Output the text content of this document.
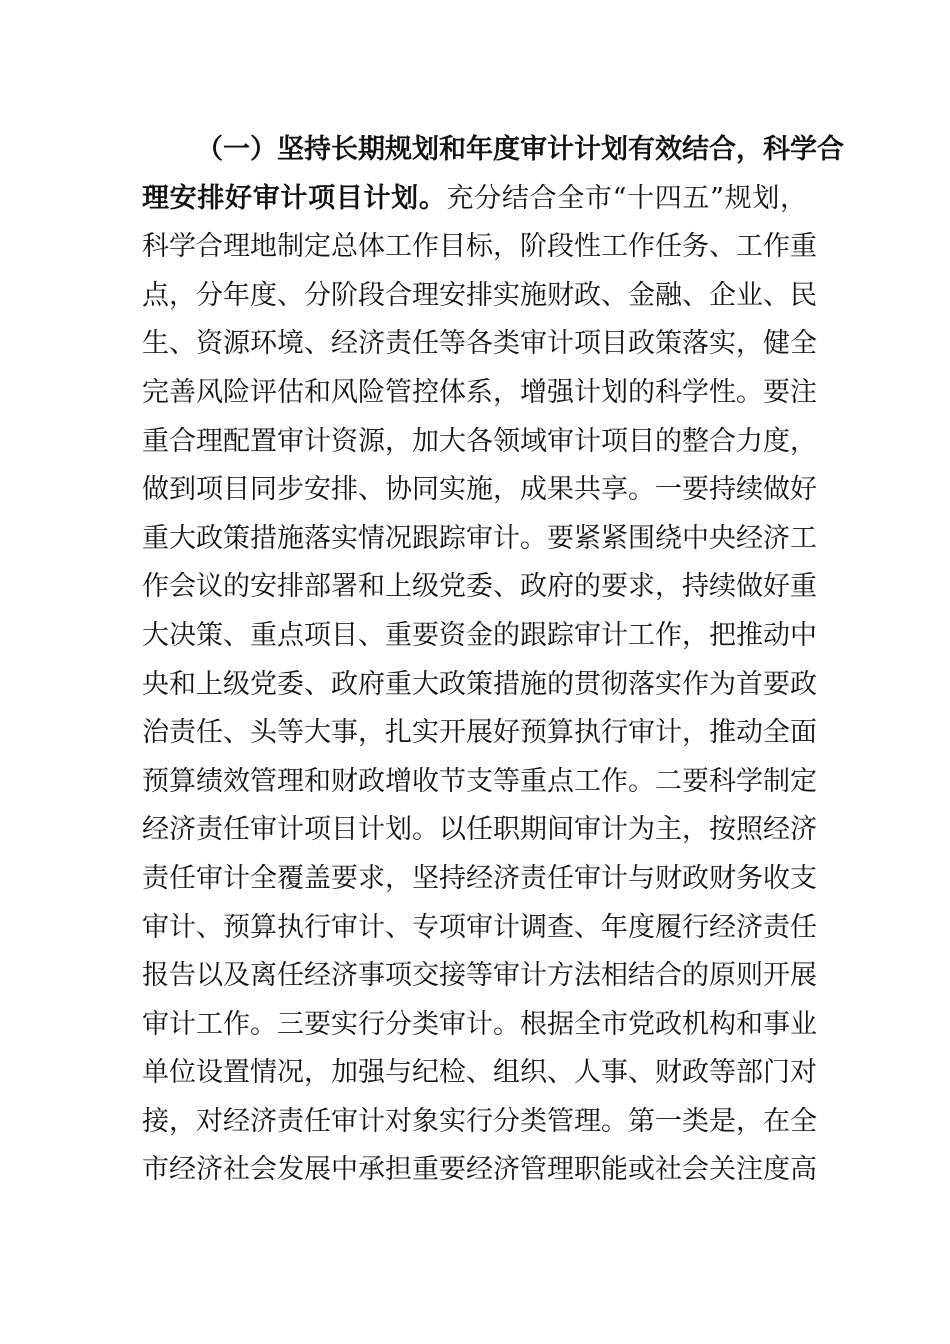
（一）坚持长期规划和年度审计计划有效结合，科学合
理安排好审计项目计划。充分结合全市“十四五”规划，
科学合理地制定总体工作目标，阶段性工作任务、工作重
点，分年度、分阶段合理安排实施财政、金融、企业、民
生、资源环境、经济责任等各类审计项目政策落实，健全
完善风险评估和风险管控体系，增强计划的科学性。要注
重合理配置审计资源，加大各领域审计项目的整合力度，
做到项目同步安排、协同实施，成果共享。一要持续做好
重大政策措施落实情况跟踪审计。要紧紧围绕中央经济工
作会议的安排部署和上级党委、政府的要求，持续做好重
大决策、重点项目、重要资金的跟踪审计工作，把推动中
央和上级党委、政府重大政策措施的贯彻落实作为首要政
治责任、头等大事，扎实开展好预算执行审计，推动全面
预算绩效管理和财政增收节支等重点工作。二要科学制定
经济责任审计项目计划。以任职期间审计为主，按照经济
责任审计全覆盖要求，坚持经济责任审计与财政财务收支
审计、预算执行审计、专项审计调查、年度履行经济责任
报告以及离任经济事项交接等审计方法相结合的原则开展
审计工作。三要实行分类审计。根据全市党政机构和事业
单位设置情况，加强与纪检、组织、人事、财政等部门对
接，对经济责任审计对象实行分类管理。第一类是，在全
市经济社会发展中承担重要经济管理职能或社会关注度高
